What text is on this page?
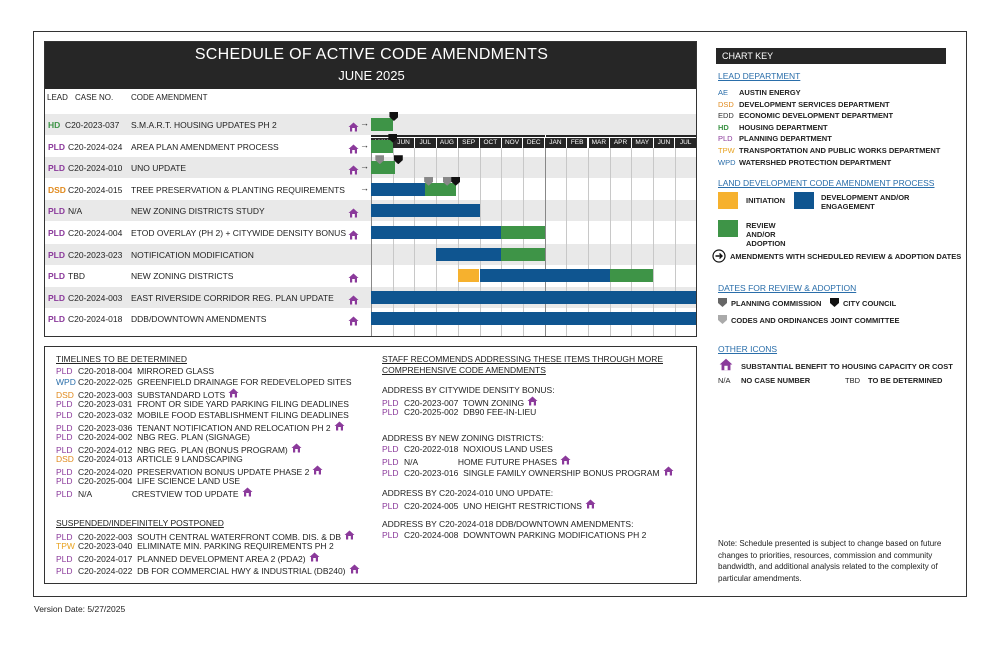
SCHEDULE OF ACTIVE CODE AMENDMENTS
JUNE 2025
LEAD CASE NO. CODE AMENDMENT
JUN	JUL	AUG	SEP	OCT	NOV	DEC	JAN	FEB	MAR	APR	MAY	JUN	JUL
HD C20-2023-037 S.M.A.R.T. HOUSING UPDATES PH 2	→
PLD C20-2024-024 AREA PLAN AMENDMENT PROCESS	→
PLD C20-2024-010 UNO UPDATE	→
DSD C20-2024-015 TREE PRESERVATION & PLANTING REQUIREMENTS →
PLD N/A	NEW ZONING DISTRICTS STUDY
PLD C20-2024-004 ETOD OVERLAY (PH 2) + CITYWIDE DENSITY BONUS
PLD C20-2023-023 NOTIFICATION MODIFICATION
PLD TBD	NEW ZONING DISTRICTS
PLD C20-2024-003 EAST RIVERSIDE CORRIDOR REG. PLAN UPDATE
PLD C20-2024-018 DDB/DOWNTOWN AMENDMENTS
CHART KEY
LEAD DEPARTMENT
AE AUSTIN ENERGY
DSD DEVELOPMENT SERVICES DEPARTMENT
EDD ECONOMIC DEVELOPMENT DEPARTMENT
HD HOUSING DEPARTMENT
PLD PLANNING DEPARTMENT
TPW TRANSPORTATION AND PUBLIC WORKS DEPARTMENT
WPD WATERSHED PROTECTION DEPARTMENT
LAND DEVELOPMENT CODE AMENDMENT PROCESS
INITIATION	DEVELOPMENT AND/OR ENGAGEMENT
REVIEW AND/OR ADOPTION
AMENDMENTS WITH SCHEDULED REVIEW & ADOPTION DATES
DATES FOR REVIEW & ADOPTION
PLANNING COMMISSION	CITY COUNCIL
CODES AND ORDINANCES JOINT COMMITTEE
OTHER ICONS
SUBSTANTIAL BENEFIT TO HOUSING CAPACITY OR COST
N/A NO CASE NUMBER	TBD TO BE DETERMINED
Note: Schedule presented is subject to change based on future changes to priorities, resources, commission and community bandwidth, and additional analysis related to the complexity of particular amendments.
TIMELINES TO BE DETERMINED
PLD C20-2018-004  MIRRORED GLASS
WPD C20-2022-025  GREENFIELD DRAINAGE FOR REDEVELOPED SITES
DSD C20-2023-003  SUBSTANDARD LOTS
PLD C20-2023-031  FRONT OR SIDE YARD PARKING FILING DEADLINES
PLD C20-2023-032  MOBILE FOOD ESTABLISHMENT FILING DEADLINES
PLD C20-2023-036  TENANT NOTIFICATION AND RELOCATION PH 2
PLD C20-2024-002  NBG REG. PLAN (SIGNAGE)
PLD C20-2024-012  NBG REG. PLAN (BONUS PROGRAM)
DSD C20-2024-013  ARTICLE 9 LANDSCAPING
PLD C20-2024-020  PRESERVATION BONUS UPDATE PHASE 2
PLD C20-2025-004  LIFE SCIENCE LAND USE
PLD N/A                 CRESTVIEW TOD UPDATE
SUSPENDED/INDEFINITELY POSTPONED
PLD C20-2022-003  SOUTH CENTRAL WATERFRONT COMB. DIS. & DB
TPW C20-2023-040  ELIMINATE MIN. PARKING REQUIREMENTS PH 2
PLD C20-2024-017  PLANNED DEVELOPMENT AREA 2 (PDA2)
PLD C20-2024-022  DB FOR COMMERCIAL HWY & INDUSTRIAL (DB240)
STAFF RECOMMENDS ADDRESSING THESE ITEMS THROUGH MORE
COMPREHENSIVE CODE AMENDMENTS
ADDRESS BY CITYWIDE DENSITY BONUS:
PLD C20-2023-007  TOWN ZONING
PLD C20-2025-002  DB90 FEE-IN-LIEU
ADDRESS BY NEW ZONING DISTRICTS:
PLD C20-2022-018  NOXIOUS LAND USES
PLD N/A                 HOME FUTURE PHASES
PLD C20-2023-016  SINGLE FAMILY OWNERSHIP BONUS PROGRAM
ADDRESS BY C20-2024-010 UNO UPDATE:
PLD C20-2024-005  UNO HEIGHT RESTRICTIONS
ADDRESS BY C20-2024-018 DDB/DOWNTOWN AMENDMENTS:
PLD C20-2024-008  DOWNTOWN PARKING MODIFICATIONS PH 2
Version Date: 5/27/2025
